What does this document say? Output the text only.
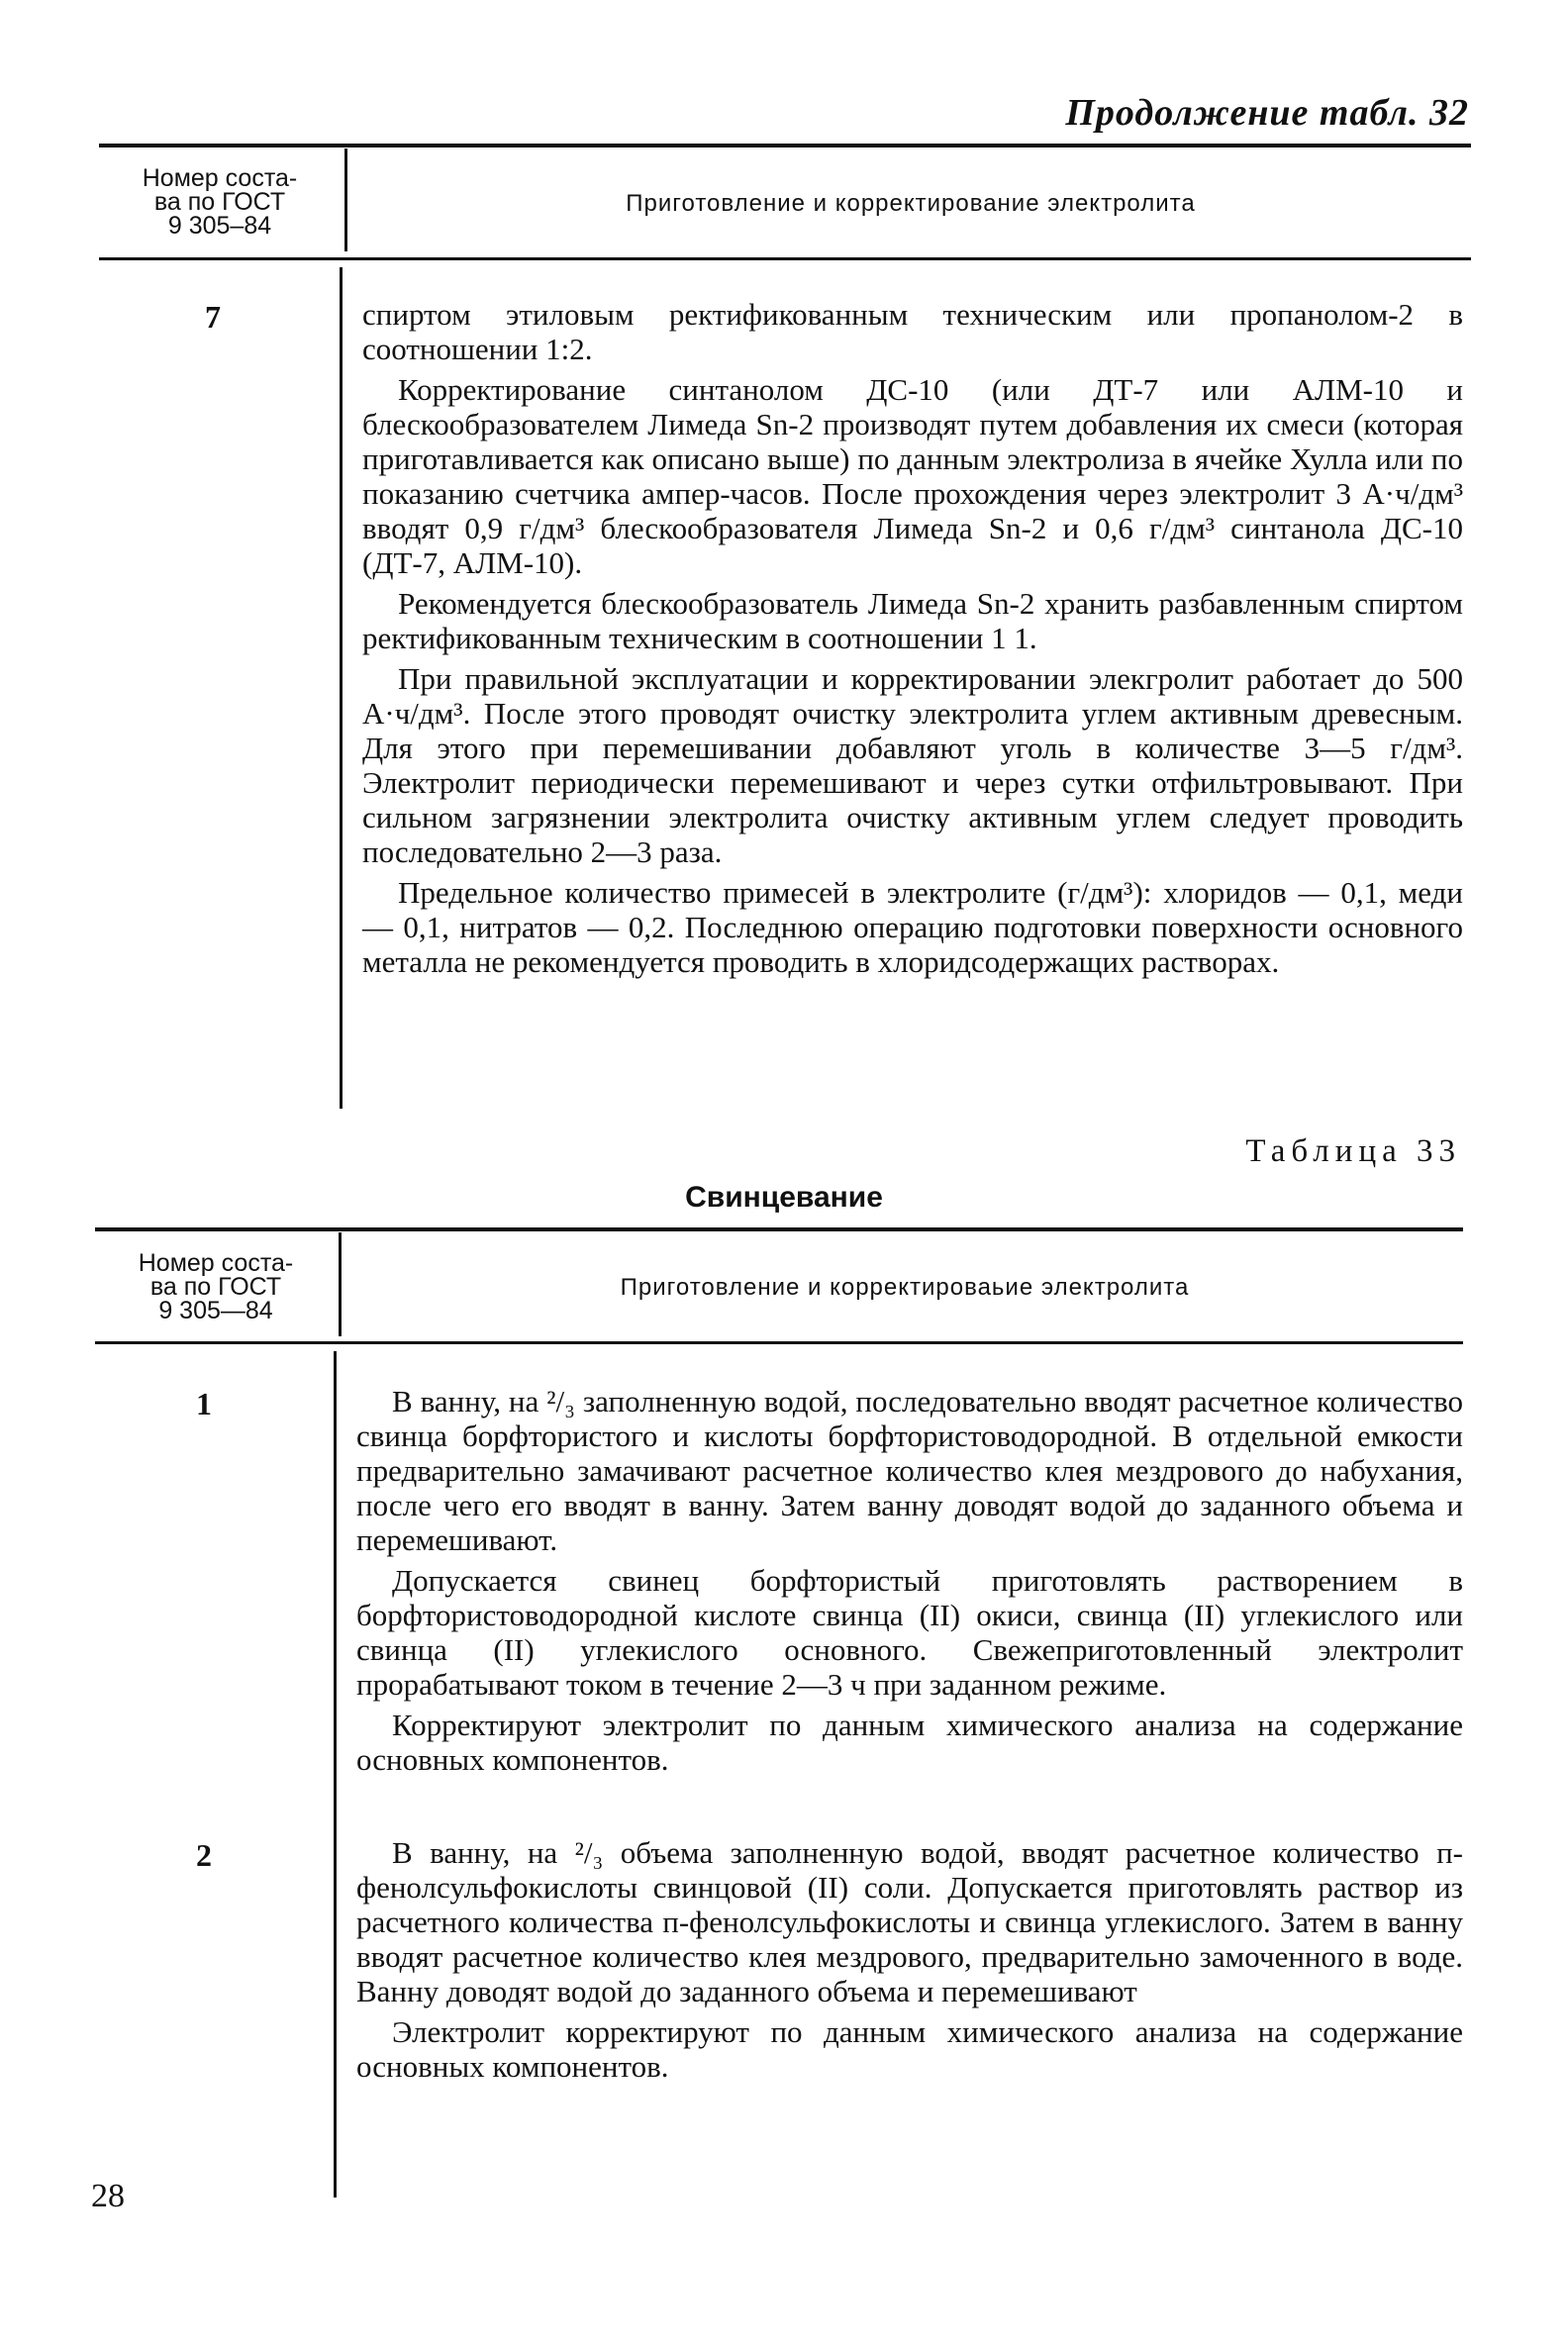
Продолжение табл. 32
Номер соста-
ва по ГОСТ
9 305–84
Приготовление и корректирование электролита
7	спиртом этиловым ректификованным техническим или пропанолом-2 в соотношении 1:2.

Корректирование синтанолом ДС-10 (или ДТ-7 или АЛМ-10 и блескообразователем Лимеда Sn-2 производят путем добавления их смеси (которая приготавливается как описано выше) по данным электролиза в ячейке Хулла или по показанию счетчика ампер-часов. После прохождения через электролит 3 А·ч/дм³ вводят 0,9 г/дм³ блескообразователя Лимеда Sn-2 и 0,6 г/дм³ синтанола ДС-10 (ДТ-7, АЛМ-10).

Рекомендуется блескообразователь Лимеда Sn-2 хранить разбавленным спиртом ректификованным техническим в соотношении 1 1.

При правильной эксплуатации и корректировании элекгролит работает до 500 А·ч/дм³. После этого проводят очистку электролита углем активным древесным. Для этого при перемешивании добавляют уголь в количестве 3—5 г/дм³. Электролит периодически перемешивают и через сутки отфильтровывают. При сильном загрязнении электролита очистку активным углем следует проводить последовательно 2—3 раза.

Предельное количество примесей в электролите (г/дм³): хлоридов — 0,1, меди — 0,1, нитратов — 0,2. Последнюю операцию подготовки поверхности основного металла не рекомендуется проводить в хлоридсодержащих растворах.

Таблица 33
Свинцевание
Номер соста-
ва по ГОСТ
9 305—84
Приготовление и корректироваьие электролита
1
2

В ванну, на ²/₃ заполненную водой, последовательно вводят расчетное количество свинца борфтористого и кислоты борфтористоводородной. В отдельной емкости предварительно замачивают расчетное количество клея мездрового до набухания, после чего его вводят в ванну. Затем ванну доводят водой до заданного объема и перемешивают.

Допускается свинец борфтористый приготовлять растворением в борфтористоводородной кислоте свинца (II) окиси, свинца (II) углекислого или свинца (II) углекислого основного. Свежеприготовленный электролит прорабатывают током в течение 2—3 ч при заданном режиме.

Корректируют электролит по данным химического анализа на содержание основных компонентов.

В ванну, на ²/₃ объема заполненную водой, вводят расчетное количество п-фенолсульфокислоты свинцовой (II) соли. Допускается приготовлять раствор из расчетного количества п-фенолсульфокислоты и свинца углекислого. Затем в ванну вводят расчетное количество клея мездрового, предварительно замоченного в воде. Ванну доводят водой до заданного объема и перемешивают

Электролит корректируют по данным химического анализа на содержание основных компонентов.

28
